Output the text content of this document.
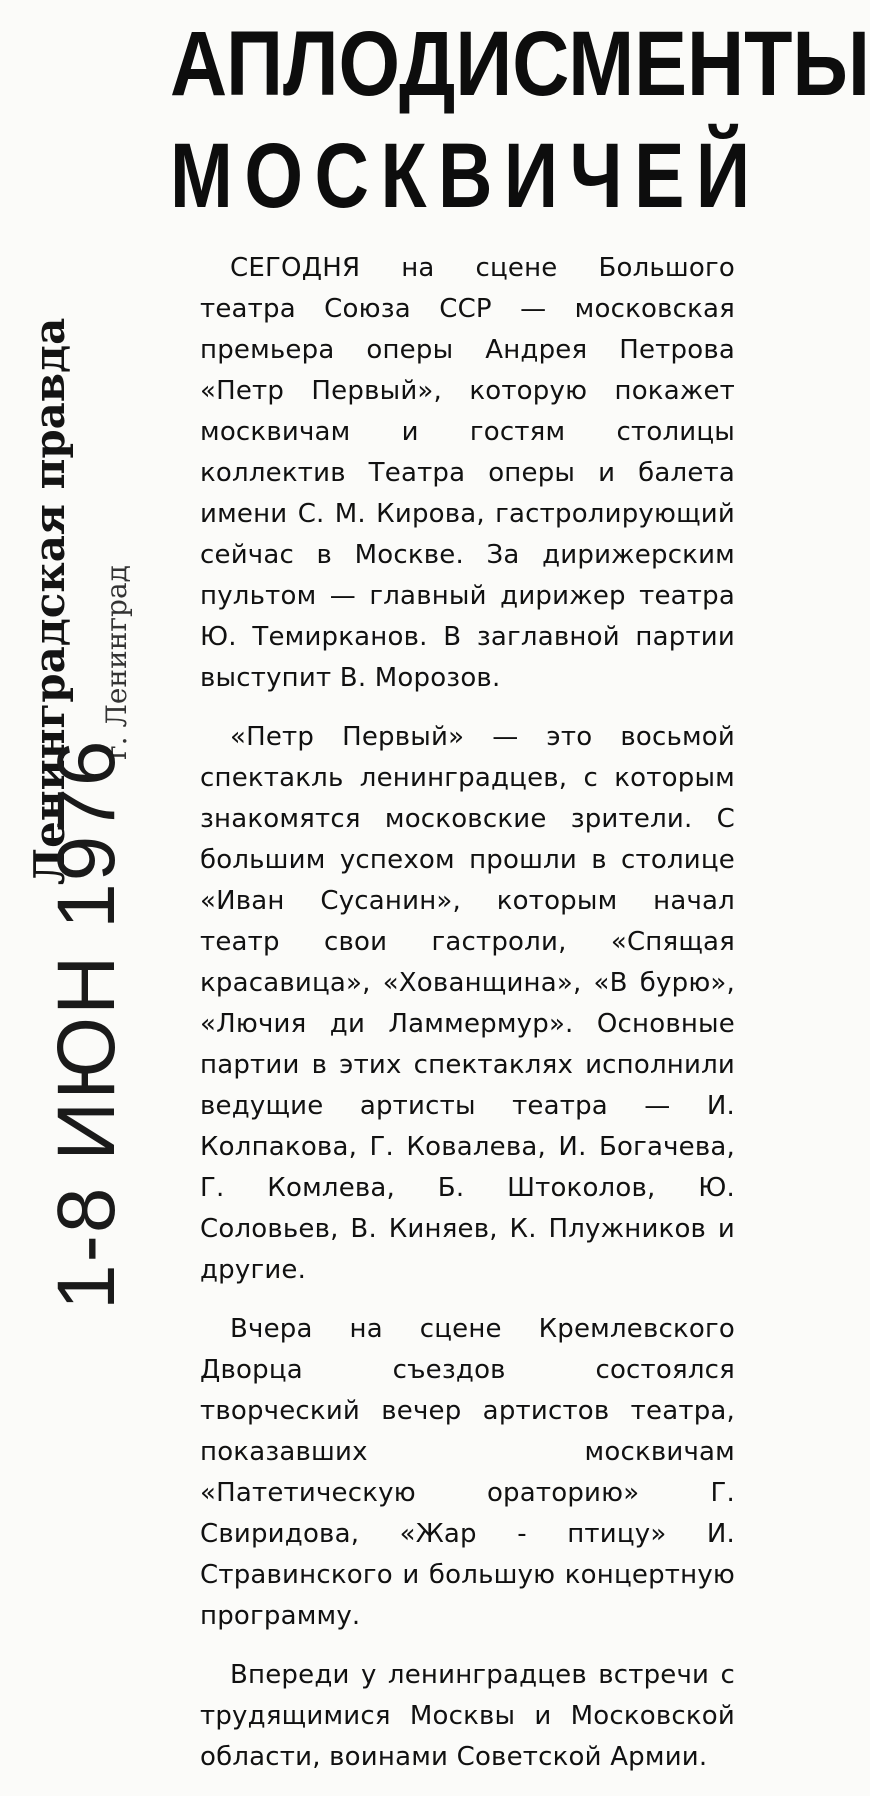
АПЛОДИСМЕНТЫ
МОСКВИЧЕЙ

СЕГОДНЯ на сцене Большого театра Союза ССР — московская премьера оперы Андрея Петрова «Петр Первый», которую покажет москвичам и гостям столицы коллектив Театра оперы и балета имени С. М. Кирова, гастролирующий сейчас в Москве. За дирижерским пультом — главный дирижер театра Ю. Темирканов. В заглавной партии выступит В. Морозов.

«Петр Первый» — это восьмой спектакль ленинградцев, с которым знакомятся московские зрители. С большим успехом прошли в столице «Иван Сусанин», которым начал театр свои гастроли, «Спящая красавица», «Хованщина», «В бурю», «Лючия ди Ламмермур». Основные партии в этих спектаклях исполнили ведущие артисты театра — И. Колпакова, Г. Ковалева, И. Богачева, Г. Комлева, Б. Штоколов, Ю. Соловьев, В. Киняев, К. Плужников и другие.

Вчера на сцене Кремлевского Дворца съездов состоялся творческий вечер артистов театра, показавших москвичам «Патетическую ораторию» Г. Свиридова, «Жар - птицу» И. Стравинского и большую концертную программу.

Впереди у ленинградцев встречи с трудящимися Москвы и Московской области, воинами Советской Армии.

Ленинградская правда г. Ленинград
1-8 ИЮН 1976
